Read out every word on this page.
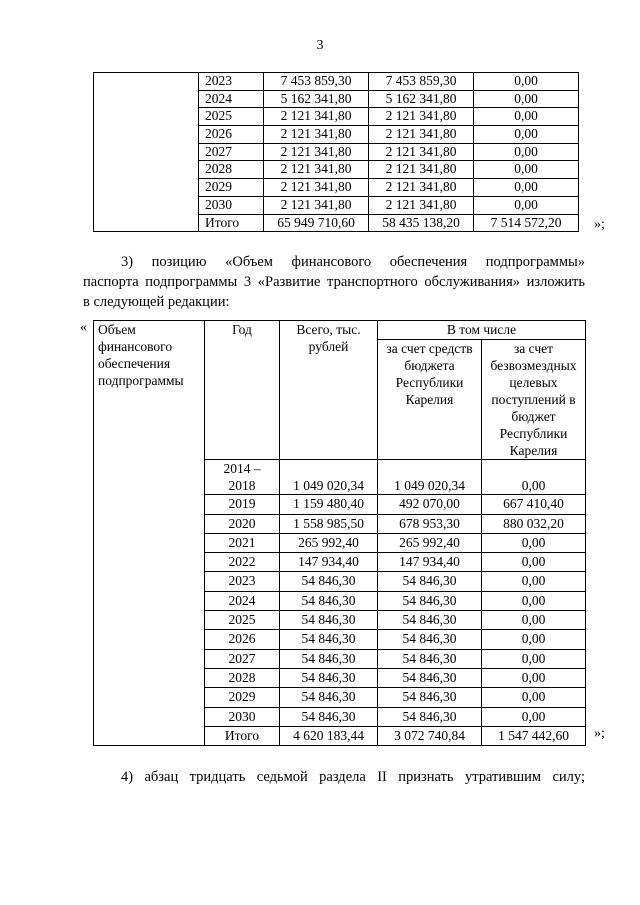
3
	2023	7 453 859,30	7 453 859,30	0,00
	2024	5 162 341,80	5 162 341,80	0,00
	2025	2 121 341,80	2 121 341,80	0,00
	2026	2 121 341,80	2 121 341,80	0,00
	2027	2 121 341,80	2 121 341,80	0,00
	2028	2 121 341,80	2 121 341,80	0,00
	2029	2 121 341,80	2 121 341,80	0,00
	2030	2 121 341,80	2 121 341,80	0,00
	Итого	65 949 710,60	58 435 138,20	7 514 572,20 »;
3) позицию «Объем финансового обеспечения подпрограммы»
паспорта подпрограммы 3 «Развитие транспортного обслуживания» изложить
в следующей редакции:
« Объем финансового обеспечения подпрограммы	Год	Всего, тыс. рублей	В том числе	
			за счет средств бюджета Республики Карелия	за счет безвозмездных целевых поступлений в бюджет Республики Карелия
	2014 – 2018	1 049 020,34	1 049 020,34	0,00
	2019	1 159 480,40	492 070,00	667 410,40
	2020	1 558 985,50	678 953,30	880 032,20
	2021	265 992,40	265 992,40	0,00
	2022	147 934,40	147 934,40	0,00
	2023	54 846,30	54 846,30	0,00
	2024	54 846,30	54 846,30	0,00
	2025	54 846,30	54 846,30	0,00
	2026	54 846,30	54 846,30	0,00
	2027	54 846,30	54 846,30	0,00
	2028	54 846,30	54 846,30	0,00
	2029	54 846,30	54 846,30	0,00
	2030	54 846,30	54 846,30	0,00
	Итого	4 620 183,44	3 072 740,84	1 547 442,60 »;
4) абзац тридцать седьмой раздела II признать утратившим силу;
